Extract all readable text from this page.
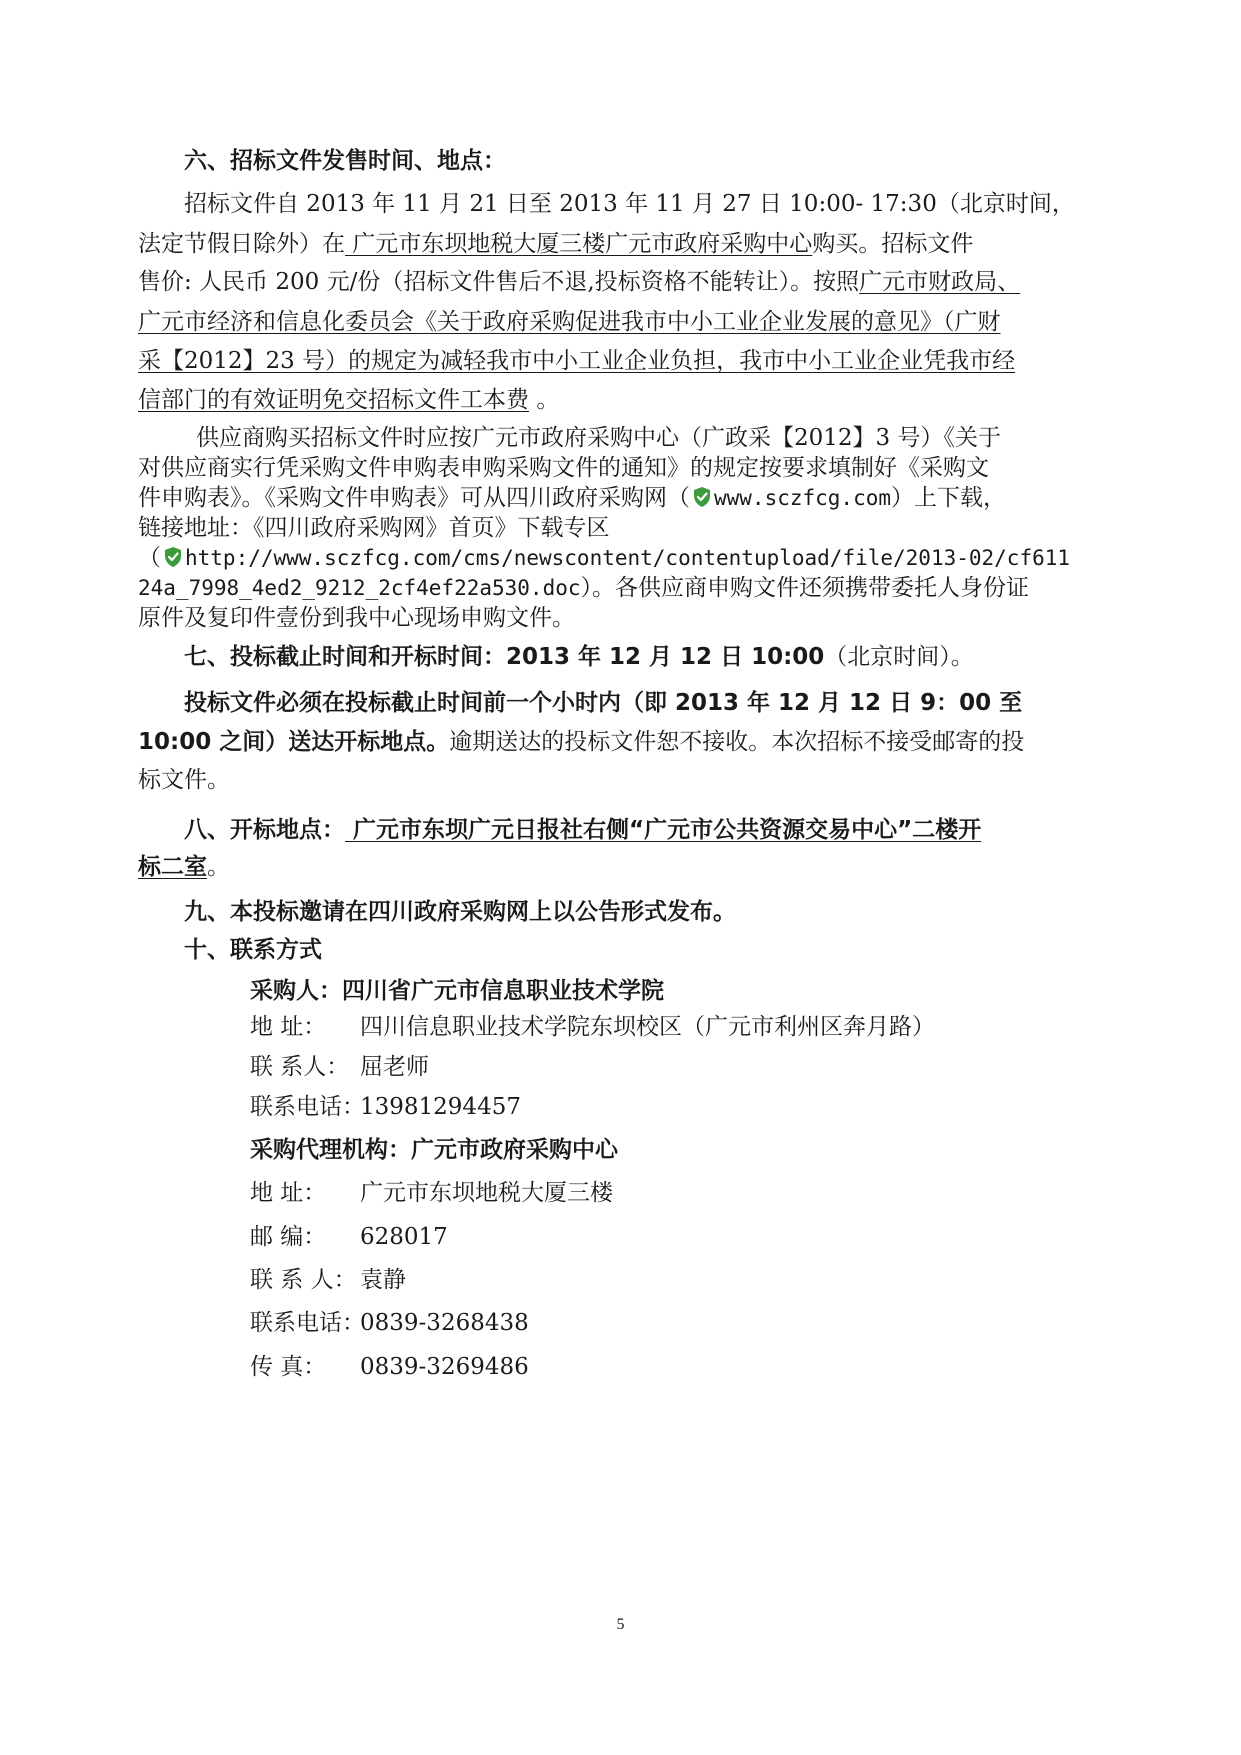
六、招标文件发售时间、地点：
招标文件自 2013 年 11 月 21 日至 2013 年 11 月 27 日 10:00- 17:30（北京时间，
法定节假日除外）在 广元市东坝地税大厦三楼广元市政府采购中心购买。招标文件
售价: 人民币 200 元/份（招标文件售后不退,投标资格不能转让）。按照广元市财政局、
广元市经济和信息化委员会《关于政府采购促进我市中小工业企业发展的意见》（广财
采【2012】23 号）的规定为减轻我市中小工业企业负担，我市中小工业企业凭我市经
信部门的有效证明免交招标文件工本费 。
供应商购买招标文件时应按广元市政府采购中心（广政采【2012】3 号）《关于
对供应商实行凭采购文件申购表申购采购文件的通知》的规定按要求填制好《采购文
件申购表》。《采购文件申购表》可从四川政府采购网（ www.sczfcg.com）上下载，
链接地址：《四川政府采购网》首页》下载专区
（ http://www.sczfcg.com/cms/newscontent/contentupload/file/2013-02/cf611
24a_7998_4ed2_9212_2cf4ef22a530.doc）。各供应商申购文件还须携带委托人身份证
原件及复印件壹份到我中心现场申购文件。
七、投标截止时间和开标时间：2013 年 12 月 12 日 10:00（北京时间）。
投标文件必须在投标截止时间前一个小时内（即 2013 年 12 月 12 日 9：00 至
10:00 之间）送达开标地点。逾期送达的投标文件恕不接收。本次招标不接受邮寄的投
标文件。
八、开标地点： 广元市东坝广元日报社右侧“广元市公共资源交易中心”二楼开
标二室。
九、本投标邀请在四川政府采购网上以公告形式发布。
十、联系方式
采购人：四川省广元市信息职业技术学院
地 址： 四川信息职业技术学院东坝校区（广元市利州区奔月路）
联 系人： 屈老师
联系电话：13981294457
采购代理机构：广元市政府采购中心
地 址： 广元市东坝地税大厦三楼
邮 编： 628017
联 系 人： 袁静
联系电话：0839-3268438
传 真： 0839-3269486
5
